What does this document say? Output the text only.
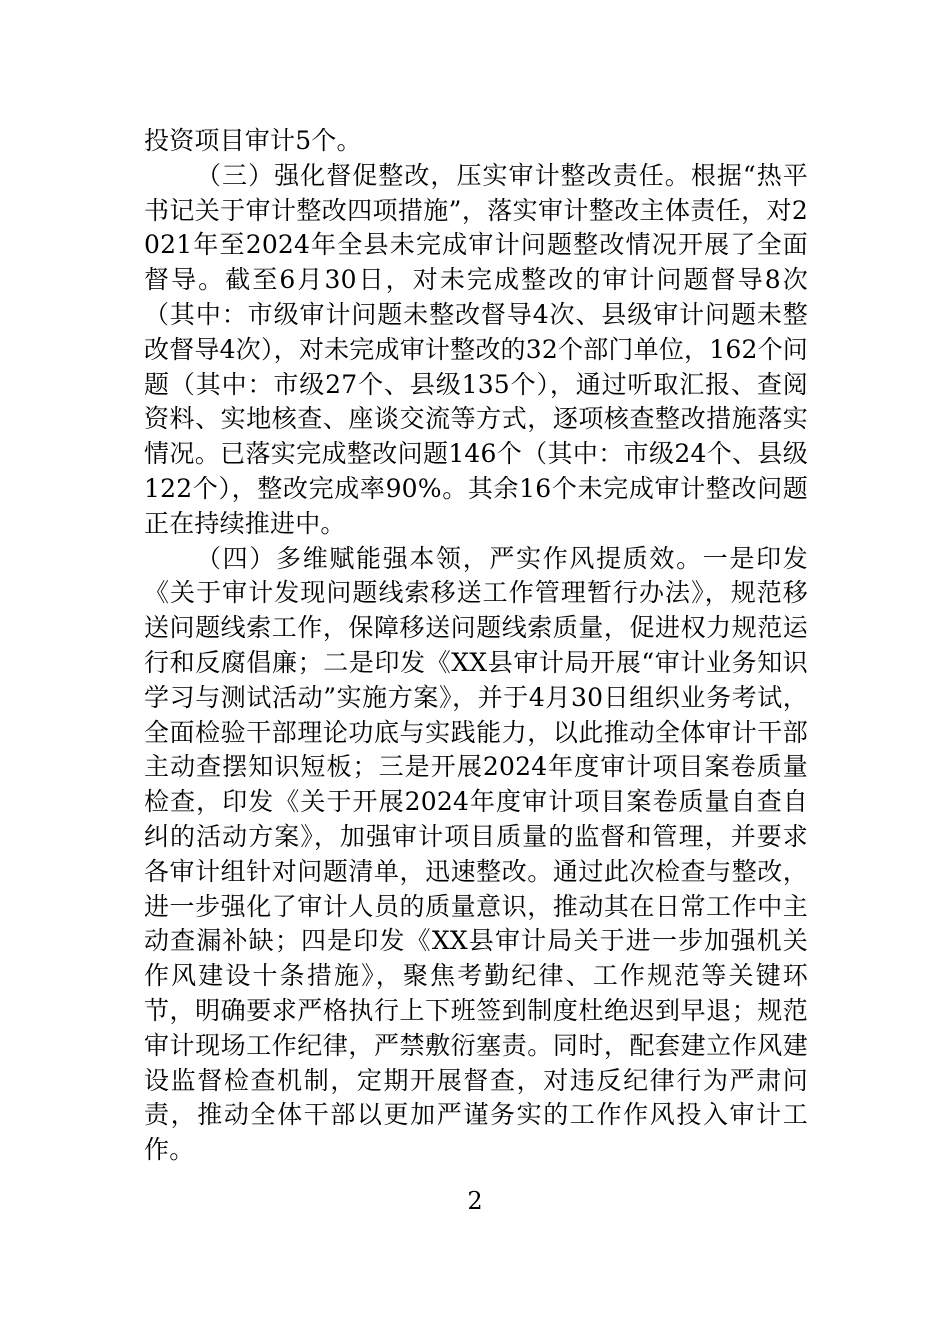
投资项目审计5个。

（三）强化督促整改，压实审计整改责任。根据“热平书记关于审计整改四项措施”，落实审计整改主体责任，对2021年至2024年全县未完成审计问题整改情况开展了全面督导。截至6月30日，对未完成整改的审计问题督导8次（其中：市级审计问题未整改督导4次、县级审计问题未整改督导4次），对未完成审计整改的32个部门单位，162个问题（其中：市级27个、县级135个），通过听取汇报、查阅资料、实地核查、座谈交流等方式，逐项核查整改措施落实情况。已落实完成整改问题146个（其中：市级24个、县级122个），整改完成率90%。其余16个未完成审计整改问题正在持续推进中。

（四）多维赋能强本领，严实作风提质效。一是印发《关于审计发现问题线索移送工作管理暂行办法》，规范移送问题线索工作，保障移送问题线索质量，促进权力规范运行和反腐倡廉；二是印发《XX县审计局开展“审计业务知识学习与测试活动”实施方案》，并于4月30日组织业务考试，全面检验干部理论功底与实践能力，以此推动全体审计干部主动查摆知识短板；三是开展2024年度审计项目案卷质量检查，印发《关于开展2024年度审计项目案卷质量自查自纠的活动方案》，加强审计项目质量的监督和管理，并要求各审计组针对问题清单，迅速整改。通过此次检查与整改，进一步强化了审计人员的质量意识，推动其在日常工作中主动查漏补缺；四是印发《XX县审计局关于进一步加强机关作风建设十条措施》，聚焦考勤纪律、工作规范等关键环节，明确要求严格执行上下班签到制度杜绝迟到早退；规范审计现场工作纪律，严禁敷衍塞责。同时，配套建立作风建设监督检查机制，定期开展督查，对违反纪律行为严肃问责，推动全体干部以更加严谨务实的工作作风投入审计工作。

2
